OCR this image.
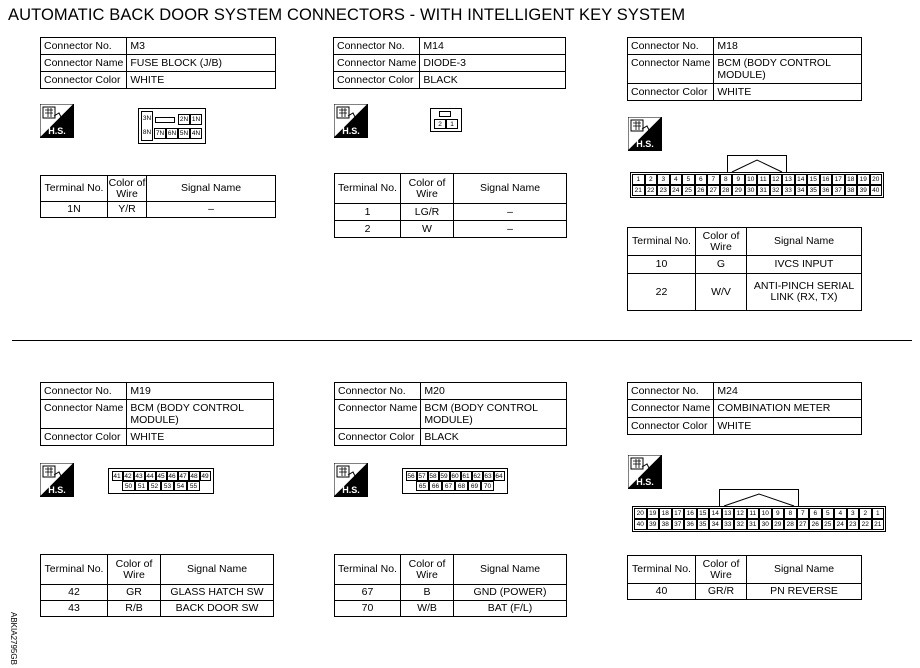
AUTOMATIC BACK DOOR SYSTEM CONNECTORS - WITH INTELLIGENT KEY SYSTEM
ABKIA2795GB
Connector No.	M3
Connector Name	FUSE BLOCK (J/B)
Connector Color	WHITE
H.S.
3N	2N 1N
8N 7N 6N 5N 4N
Terminal No.	Color of Wire	Signal Name
1N	Y/R	–
Connector No.	M14
Connector Name	DIODE-3
Connector Color	BLACK
H.S.
2	1
Terminal No.	Color of Wire	Signal Name
1	LG/R	–
2	W	–
Connector No.	M18
Connector Name	BCM (BODY CONTROL MODULE)
Connector Color	WHITE
H.S.
1	2	3	4	5	6	7	8	9	10 11 12 13 14 15 16 17 18 19 20
21 22 23 24 25 26 27 28 29 30 31 32 33 34 35 36 37 38 39 40
Terminal No.	Color of Wire	Signal Name
10	G	IVCS INPUT
22	W/V	ANTI-PINCH SERIAL LINK (RX, TX)
Connector No.	M19
Connector Name	BCM (BODY CONTROL MODULE)
Connector Color	WHITE
H.S.
41 42 43 44 45 46 47 48 49
50 51 52 53 54 55
Terminal No.	Color of Wire	Signal Name
42	GR	GLASS HATCH SW
43	R/B	BACK DOOR SW
Connector No.	M20
Connector Name	BCM (BODY CONTROL MODULE)
Connector Color	BLACK
H.S.
56 57 58 59 60 61 62 63 64
65 66 67 68 69 70
Terminal No.	Color of Wire	Signal Name
67	B	GND (POWER)
70	W/B	BAT (F/L)
Connector No.	M24
Connector Name	COMBINATION METER
Connector Color	WHITE
H.S.
20 19 18 17 16 15 14 13 12 11 10	9	8	7	6	5	4	3	2	1
40 39 38 37 36 35 34 33 32 31 30 29 28 27 26 25 24 23 22 21
Terminal No.	Color of Wire	Signal Name
40	GR/R	PN REVERSE
